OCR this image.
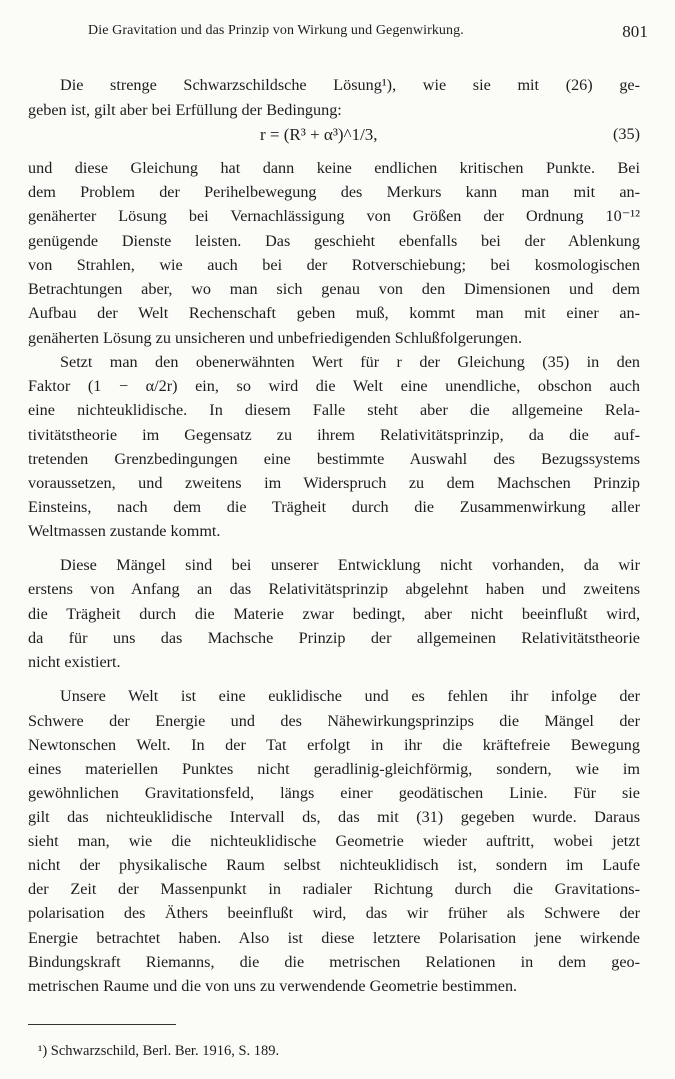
Die Gravitation und das Prinzip von Wirkung und Gegenwirkung.	801
Die strenge Schwarzschildsche Lösung¹), wie sie mit (26) ge-
geben ist, gilt aber bei Erfüllung der Bedingung:
und diese Gleichung hat dann keine endlichen kritischen Punkte. Bei
dem Problem der Perihelbewegung des Merkurs kann man mit an-
genäherter Lösung bei Vernachlässigung von Größen der Ordnung 10⁻¹²
genügende Dienste leisten. Das geschieht ebenfalls bei der Ablenkung
von Strahlen, wie auch bei der Rotverschiebung; bei kosmologischen
Betrachtungen aber, wo man sich genau von den Dimensionen und dem
Aufbau der Welt Rechenschaft geben muß, kommt man mit einer an-
genäherten Lösung zu unsicheren und unbefriedigenden Schlußfolgerungen.
Setzt man den obenerwähnten Wert für r der Gleichung (35) in den
Faktor (1 − α/2r) ein, so wird die Welt eine unendliche, obschon auch
eine nichteuklidische. In diesem Falle steht aber die allgemeine Rela-
tivitätstheorie im Gegensatz zu ihrem Relativitätsprinzip, da die auf-
tretenden Grenzbedingungen eine bestimmte Auswahl des Bezugssystems
voraussetzen, und zweitens im Widerspruch zu dem Machschen Prinzip
Einsteins, nach dem die Trägheit durch die Zusammenwirkung aller
Weltmassen zustande kommt.
Diese Mängel sind bei unserer Entwicklung nicht vorhanden, da wir
erstens von Anfang an das Relativitätsprinzip abgelehnt haben und zweitens
die Trägheit durch die Materie zwar bedingt, aber nicht beeinflußt wird,
da für uns das Machsche Prinzip der allgemeinen Relativitätstheorie
nicht existiert.
Unsere Welt ist eine euklidische und es fehlen ihr infolge der
Schwere der Energie und des Nähewirkungsprinzips die Mängel der
Newtonschen Welt. In der Tat erfolgt in ihr die kräftefreie Bewegung
eines materiellen Punktes nicht geradlinig-gleichförmig, sondern, wie im
gewöhnlichen Gravitationsfeld, längs einer geodätischen Linie. Für sie
gilt das nichteuklidische Intervall ds, das mit (31) gegeben wurde. Daraus
sieht man, wie die nichteuklidische Geometrie wieder auftritt, wobei jetzt
nicht der physikalische Raum selbst nichteuklidisch ist, sondern im Laufe
der Zeit der Massenpunkt in radialer Richtung durch die Gravitations-
polarisation des Äthers beeinflußt wird, das wir früher als Schwere der
Energie betrachtet haben. Also ist diese letztere Polarisation jene wirkende
Bindungskraft Riemanns, die die metrischen Relationen in dem geo-
metrischen Raume und die von uns zu verwendende Geometrie bestimmen.
r = (R³ + α³)^1/3,	(35)
¹) Schwarzschild, Berl. Ber. 1916, S. 189.
